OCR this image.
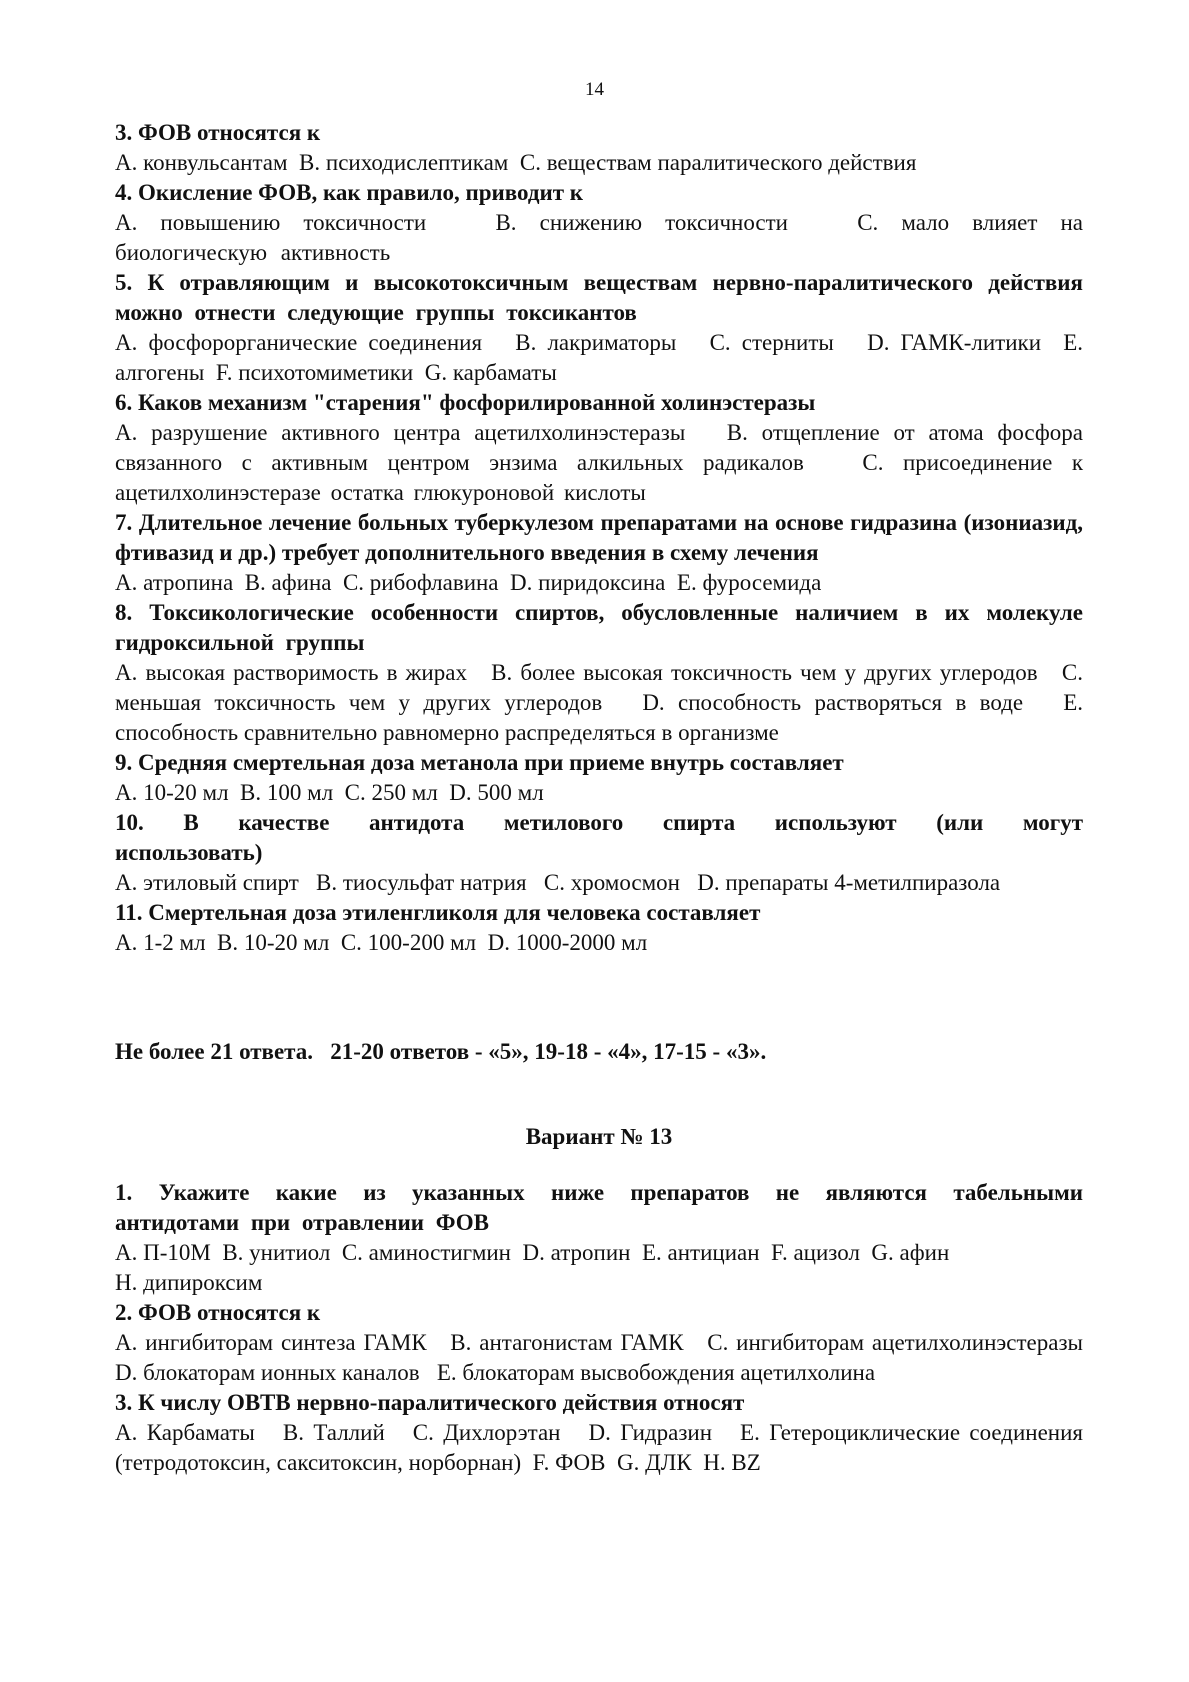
14
3. ФОВ относятся к
A. конвульсантам  B. психодислептикам  C. веществам паралитического действия
4. Окисление ФОВ, как правило, приводит к
A. повышению токсичности   B. снижению токсичности   C. мало влияет на биологическую активность
5. К отравляющим и высокотоксичным веществам нервно-паралитического действия можно отнести следующие группы токсикантов
A. фосфорорганические соединения   B. лакриматоры   C. стерниты   D. ГАМК-литики  E. алгогены  F. психотомиметики  G. карбаматы
6. Каков механизм "старения" фосфорилированной холинэстеразы
A. разрушение активного центра ацетилхолинэстеразы   B. отщепление от атома фосфора связанного с активным центром энзима алкильных радикалов   C. присоединение к ацетилхолинэстеразе остатка глюкуроновой кислоты
7. Длительное лечение больных туберкулезом препаратами на основе гидразина (изониазид, фтивазид и др.) требует дополнительного введения в схему лечения
A. атропина  B. афина  C. рибофлавина  D. пиридоксина  E. фуросемида
8. Токсикологические особенности спиртов, обусловленные наличием в их молекуле гидроксильной группы
A. высокая растворимость в жирах   B. более высокая токсичность чем у других углеродов   C. меньшая токсичность чем у других углеродов   D. способность растворяться в воде   E. способность сравнительно равномерно распределяться в организме
9. Средняя смертельная доза метанола при приеме внутрь составляет
A. 10-20 мл  B. 100 мл  C. 250 мл  D. 500 мл
10. В качестве антидота метилового спирта используют (или могут использовать)
A. этиловый спирт   B. тиосульфат натрия   C. хромосмон   D. препараты 4-метилпиразола
11. Смертельная доза этиленгликоля для человека составляет
A. 1-2 мл  B. 10-20 мл  C. 100-200 мл  D. 1000-2000 мл
Не более 21 ответа.   21-20 ответов - «5», 19-18 - «4», 17-15 - «3».
Вариант № 13
1. Укажите какие из указанных ниже препаратов не являются табельными антидотами при отравлении ФОВ
A. П-10М  B. унитиол  C. аминостигмин  D. атропин  E. антициан  F. ацизол  G. афин
H. дипироксим
2. ФОВ относятся к
A. ингибиторам синтеза ГАМК   B. антагонистам ГАМК   C. ингибиторам ацетилхолинэстеразы   D. блокаторам ионных каналов   E. блокаторам высвобождения ацетилхолина
3. К числу ОВТВ нервно-паралитического действия относят
A. Карбаматы   B. Таллий   C. Дихлорэтан   D. Гидразин   E. Гетероциклические соединения (тетродотоксин, сакситоксин, норборнан)  F. ФОВ  G. ДЛК  H. BZ
